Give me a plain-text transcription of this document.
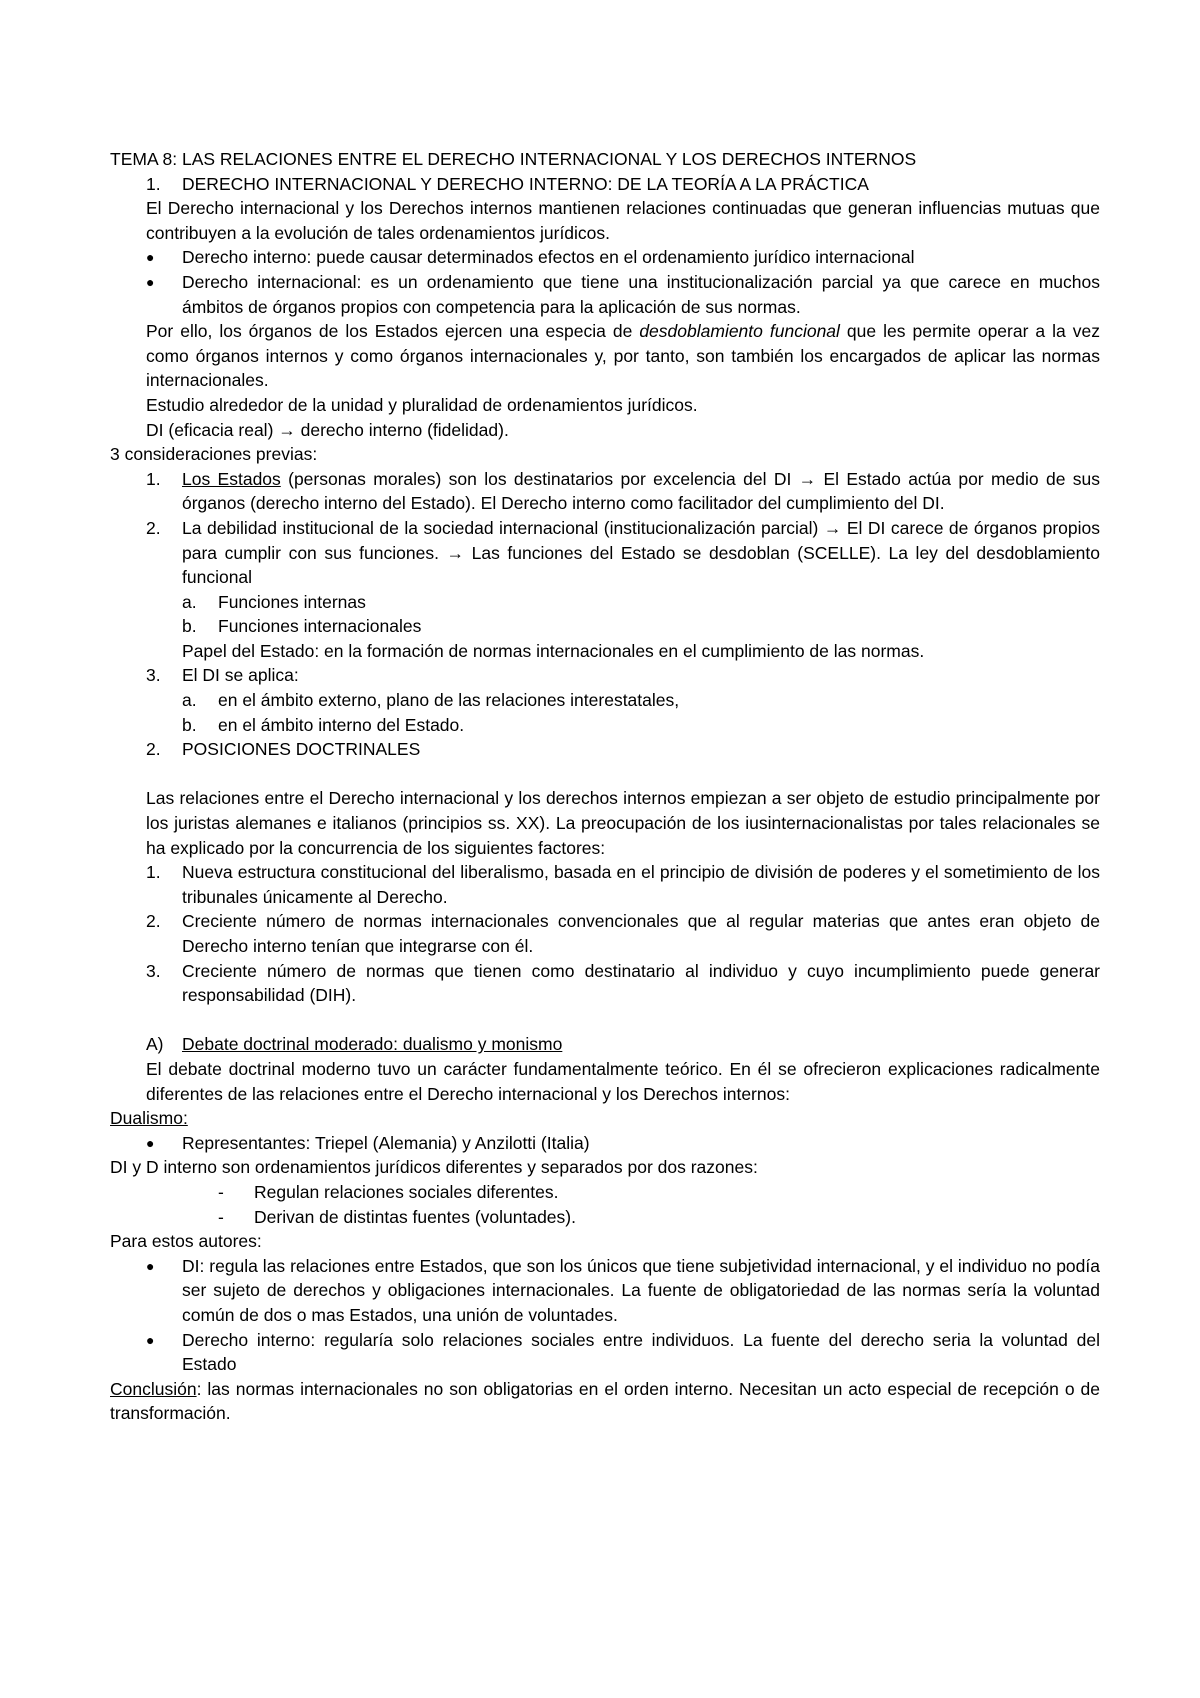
TEMA 8: LAS RELACIONES ENTRE EL DERECHO INTERNACIONAL Y LOS DERECHOS INTERNOS
1.	DERECHO INTERNACIONAL Y DERECHO INTERNO: DE LA TEORÍA A LA PRÁCTICA
El Derecho internacional y los Derechos internos mantienen relaciones continuadas que generan influencias mutuas que contribuyen a la evolución de tales ordenamientos jurídicos.
●	Derecho interno: puede causar determinados efectos en el ordenamiento jurídico internacional
●	Derecho internacional: es un ordenamiento que tiene una institucionalización parcial ya que carece en muchos ámbitos de órganos propios con competencia para la aplicación de sus normas.
Por ello, los órganos de los Estados ejercen una especia de desdoblamiento funcional que les permite operar a la vez como órganos internos y como órganos internacionales y, por tanto, son también los encargados de aplicar las normas internacionales.
Estudio alrededor de la unidad y pluralidad de ordenamientos jurídicos.
DI (eficacia real) → derecho interno (fidelidad).
3 consideraciones previas:
1.	Los Estados (personas morales) son los destinatarios por excelencia del DI → El Estado actúa por medio de sus órganos (derecho interno del Estado). El Derecho interno como facilitador del cumplimiento del DI.
2.	La debilidad institucional de la sociedad internacional (institucionalización parcial) → El DI carece de órganos propios para cumplir con sus funciones. → Las funciones del Estado se desdoblan (SCELLE). La ley del desdoblamiento funcional
a.	Funciones internas
b.	Funciones internacionales
Papel del Estado: en la formación de normas internacionales en el cumplimiento de las normas.
3.	El DI se aplica:
a.	en el ámbito externo, plano de las relaciones interestatales,
b.	en el ámbito interno del Estado.
2.	POSICIONES DOCTRINALES
Las relaciones entre el Derecho internacional y los derechos internos empiezan a ser objeto de estudio principalmente por los juristas alemanes e italianos (principios ss. XX). La preocupación de los iusinternacionalistas por tales relacionales se ha explicado por la concurrencia de los siguientes factores:
1.	Nueva estructura constitucional del liberalismo, basada en el principio de división de poderes y el sometimiento de los tribunales únicamente al Derecho.
2.	Creciente número de normas internacionales convencionales que al regular materias que antes eran objeto de Derecho interno tenían que integrarse con él.
3.	Creciente número de normas que tienen como destinatario al individuo y cuyo incumplimiento puede generar responsabilidad (DIH).
A)	Debate doctrinal moderado: dualismo y monismo
El debate doctrinal moderno tuvo un carácter fundamentalmente teórico. En él se ofrecieron explicaciones radicalmente diferentes de las relaciones entre el Derecho internacional y los Derechos internos:
Dualismo:
●	Representantes: Triepel (Alemania) y Anzilotti (Italia)
DI y D interno son ordenamientos jurídicos diferentes y separados por dos razones:
-	Regulan relaciones sociales diferentes.
-	Derivan de distintas fuentes (voluntades).
Para estos autores:
●	DI: regula las relaciones entre Estados, que son los únicos que tiene subjetividad internacional, y el individuo no podía ser sujeto de derechos y obligaciones internacionales. La fuente de obligatoriedad de las normas sería la voluntad común de dos o mas Estados, una unión de voluntades.
●	Derecho interno: regularía solo relaciones sociales entre individuos. La fuente del derecho seria la voluntad del Estado
Conclusión: las normas internacionales no son obligatorias en el orden interno. Necesitan un acto especial de recepción o de transformación.
